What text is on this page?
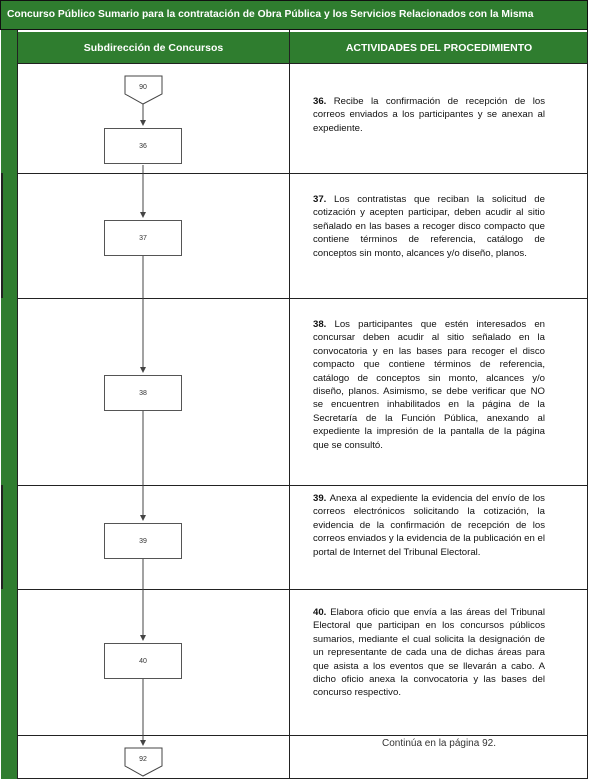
Concurso Público Sumario para la contratación de Obra Pública y los Servicios Relacionados con la Misma
Subdirección de Concursos	ACTIVIDADES DEL PROCEDIMIENTO
90
92
36
37
38
39
40
36. Recibe la confirmación de recepción de los correos enviados a los participantes y se anexan al expediente.
37. Los contratistas que reciban la solicitud de cotización y acepten participar, deben acudir al sitio señalado en las bases a recoger disco compacto que contiene términos de referencia, catálogo de conceptos sin monto, alcances y/o diseño, planos.
38. Los participantes que estén interesados en concursar deben acudir al sitio señalado en la convocatoria y en las bases para recoger el disco compacto que contiene términos de referencia, catálogo de conceptos sin monto, alcances y/o diseño, planos. Asimismo, se debe verificar que NO se encuentren inhabilitados en la página de la Secretaría de la Función Pública, anexando al expediente la impresión de la pantalla de la página que se consultó.
39. Anexa al expediente la evidencia del envío de los correos electrónicos solicitando la cotización, la evidencia de la confirmación de recepción de los correos enviados y la evidencia de la publicación en el portal de Internet del Tribunal Electoral.
40. Elabora oficio que envía a las áreas del Tribunal Electoral que participan en los concursos públicos sumarios, mediante el cual solicita la designación de un representante de cada una de dichas áreas para que asista a los eventos que se llevarán a cabo. A dicho oficio anexa la convocatoria y las bases del concurso respectivo.
Continúa en la página 92.
